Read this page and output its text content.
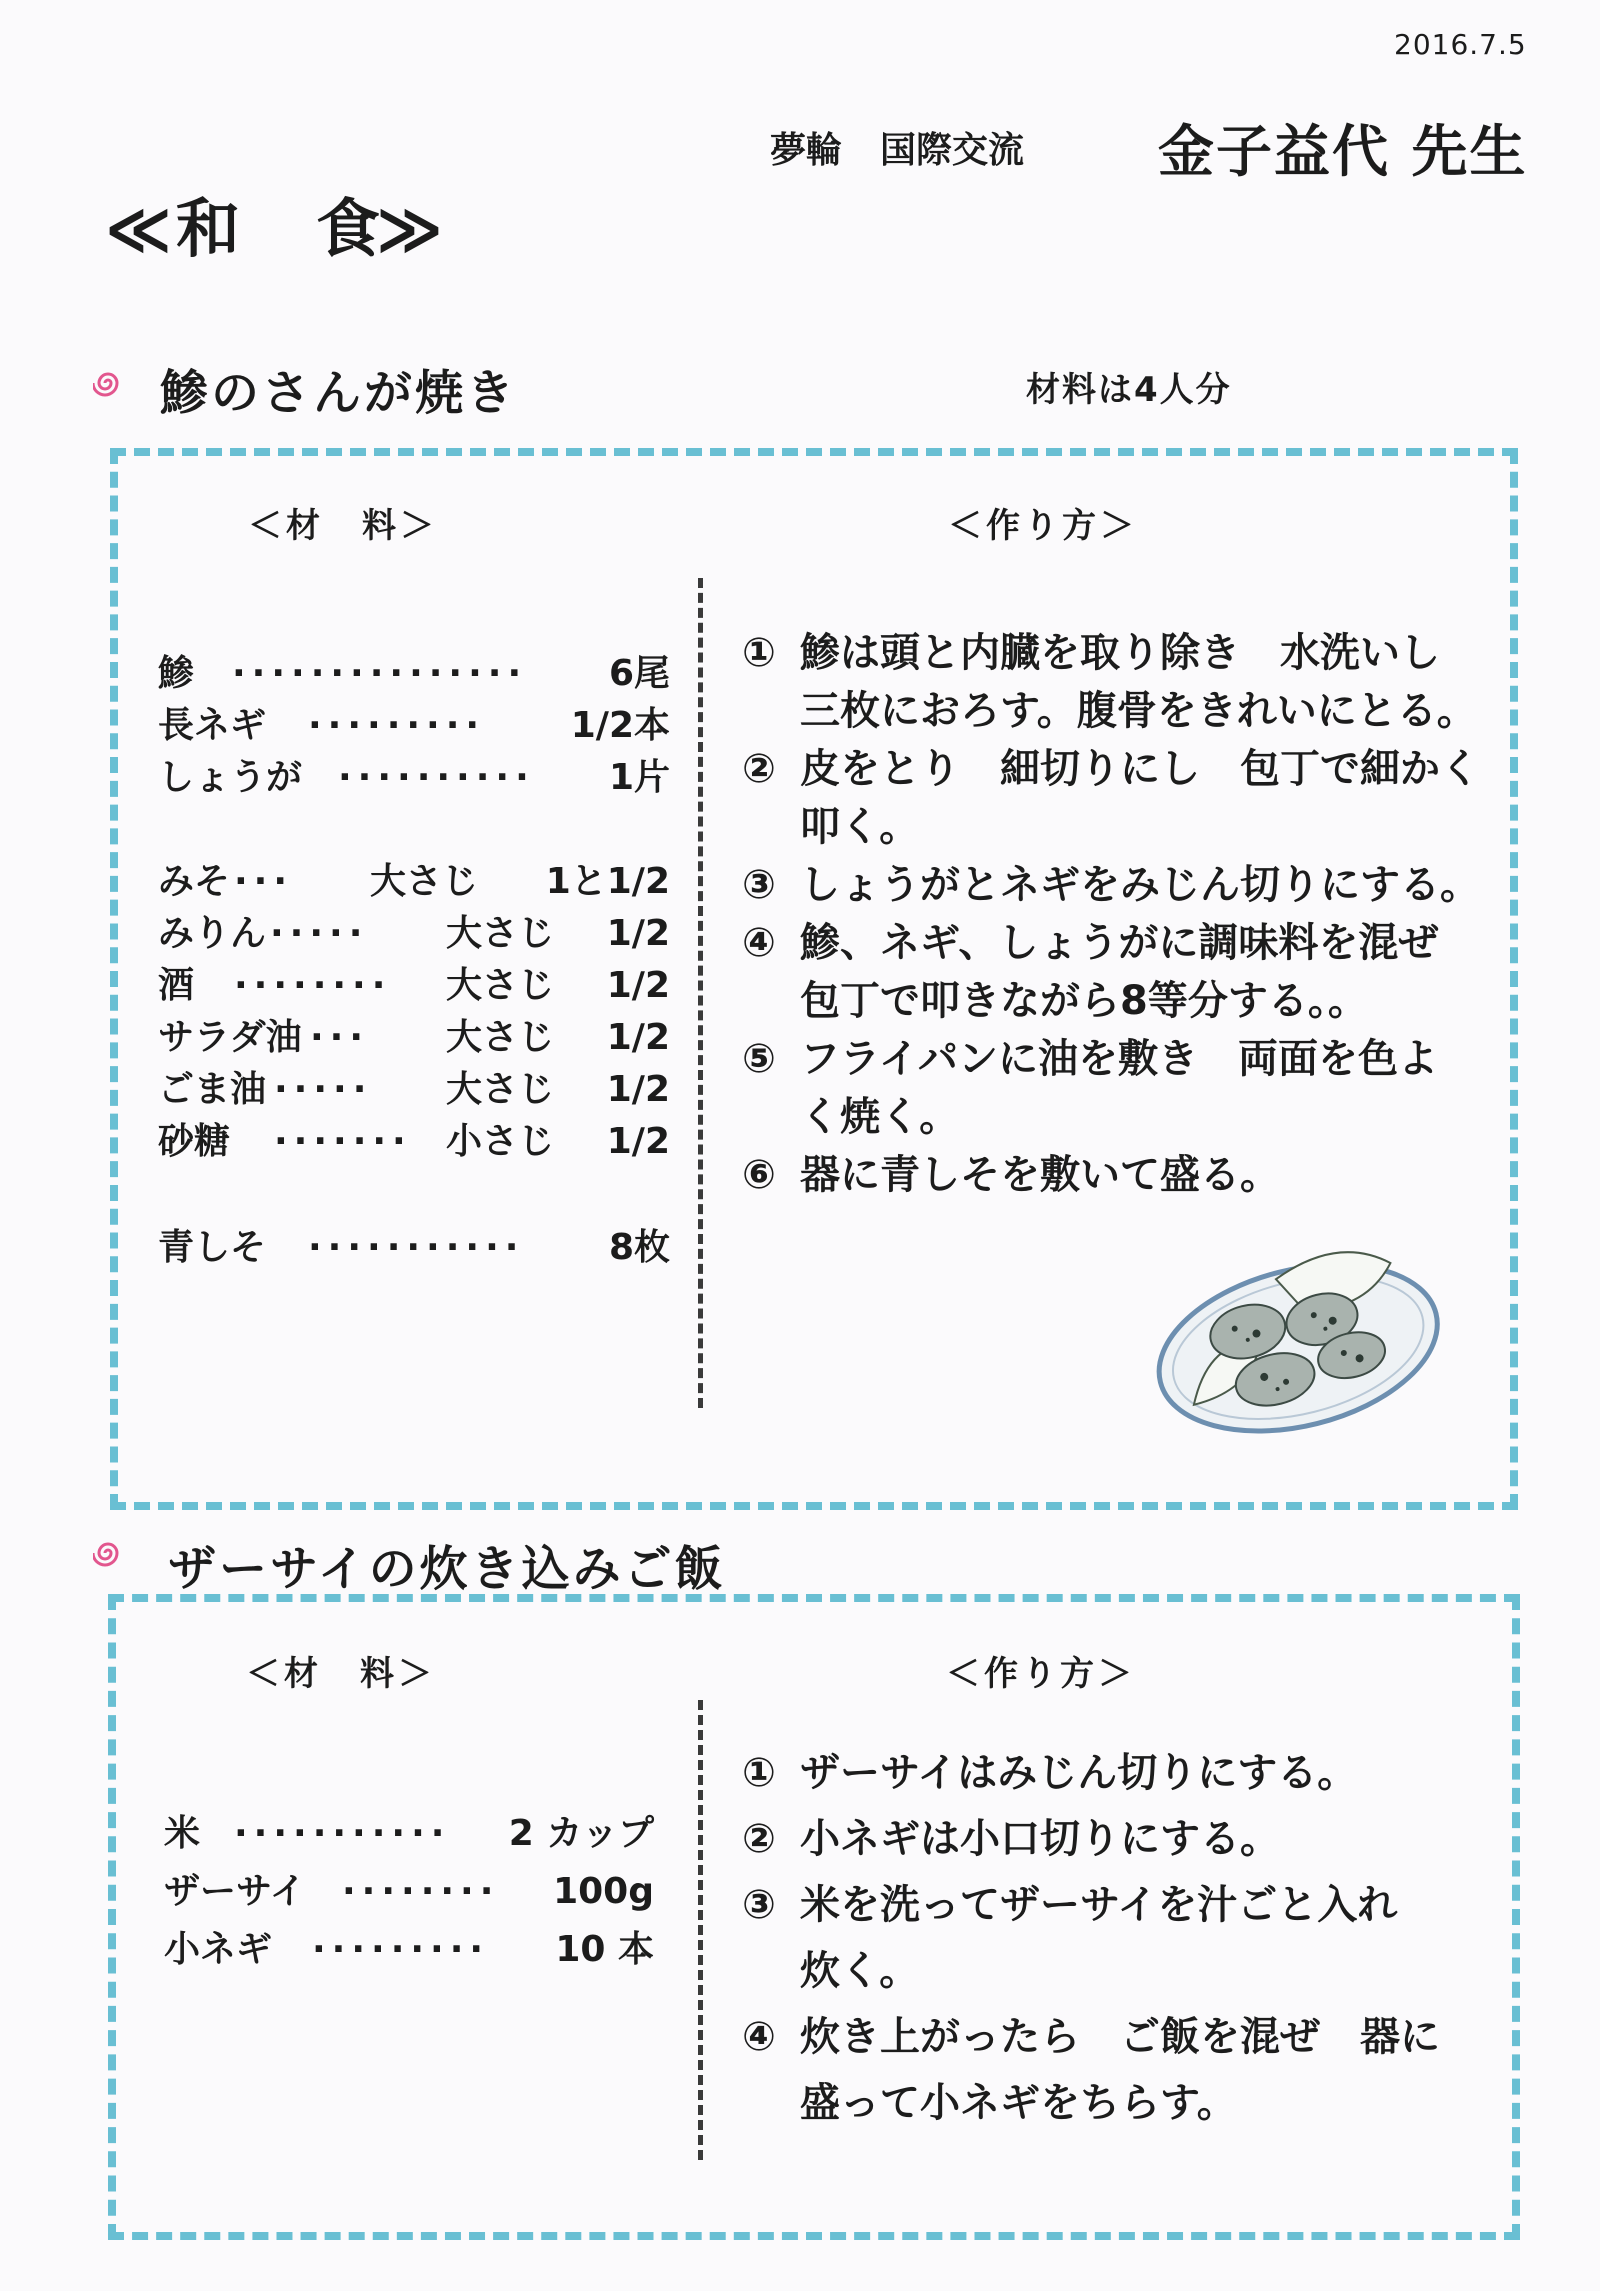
2016.7.5
夢輪 国際交流	金子益代 先生
≪和 食≫
鯵のさんが焼き	材料は4人分
＜材　料＞	＜作り方＞
鯵 ··············· 6尾
長ネギ ········· 1/2本
しょうが ·········· 1片
みそ ··· 大さじ 1と1/2
みりん ····· 大さじ 1/2
酒 ········ 大さじ 1/2
サラダ油 ··· 大さじ 1/2
ごま油 ····· 大さじ 1/2
砂糖 ······· 小さじ 1/2
青しそ ··········· 8枚
① 鯵は頭と内臓を取り除き　水洗いし
三枚におろす。腹骨をきれいにとる。
② 皮をとり　細切りにし　包丁で細かく
叩く。
③ しょうがとネギをみじん切りにする。
④ 鯵、ネギ、しょうがに調味料を混ぜ
包丁で叩きながら8等分する。。
⑤ フライパンに油を敷き　両面を色よ
く焼く。
⑥ 器に青しそを敷いて盛る。
ザーサイの炊き込みご飯
＜材　料＞	＜作り方＞
米 ··········· 2 カップ
ザーサイ ········ 100g
小ネギ ········· 10 本
① ザーサイはみじん切りにする。
② 小ネギは小口切りにする。
③ 米を洗ってザーサイを汁ごと入れ
炊く。
④ 炊き上がったら　ご飯を混ぜ　器に
盛って小ネギをちらす。
